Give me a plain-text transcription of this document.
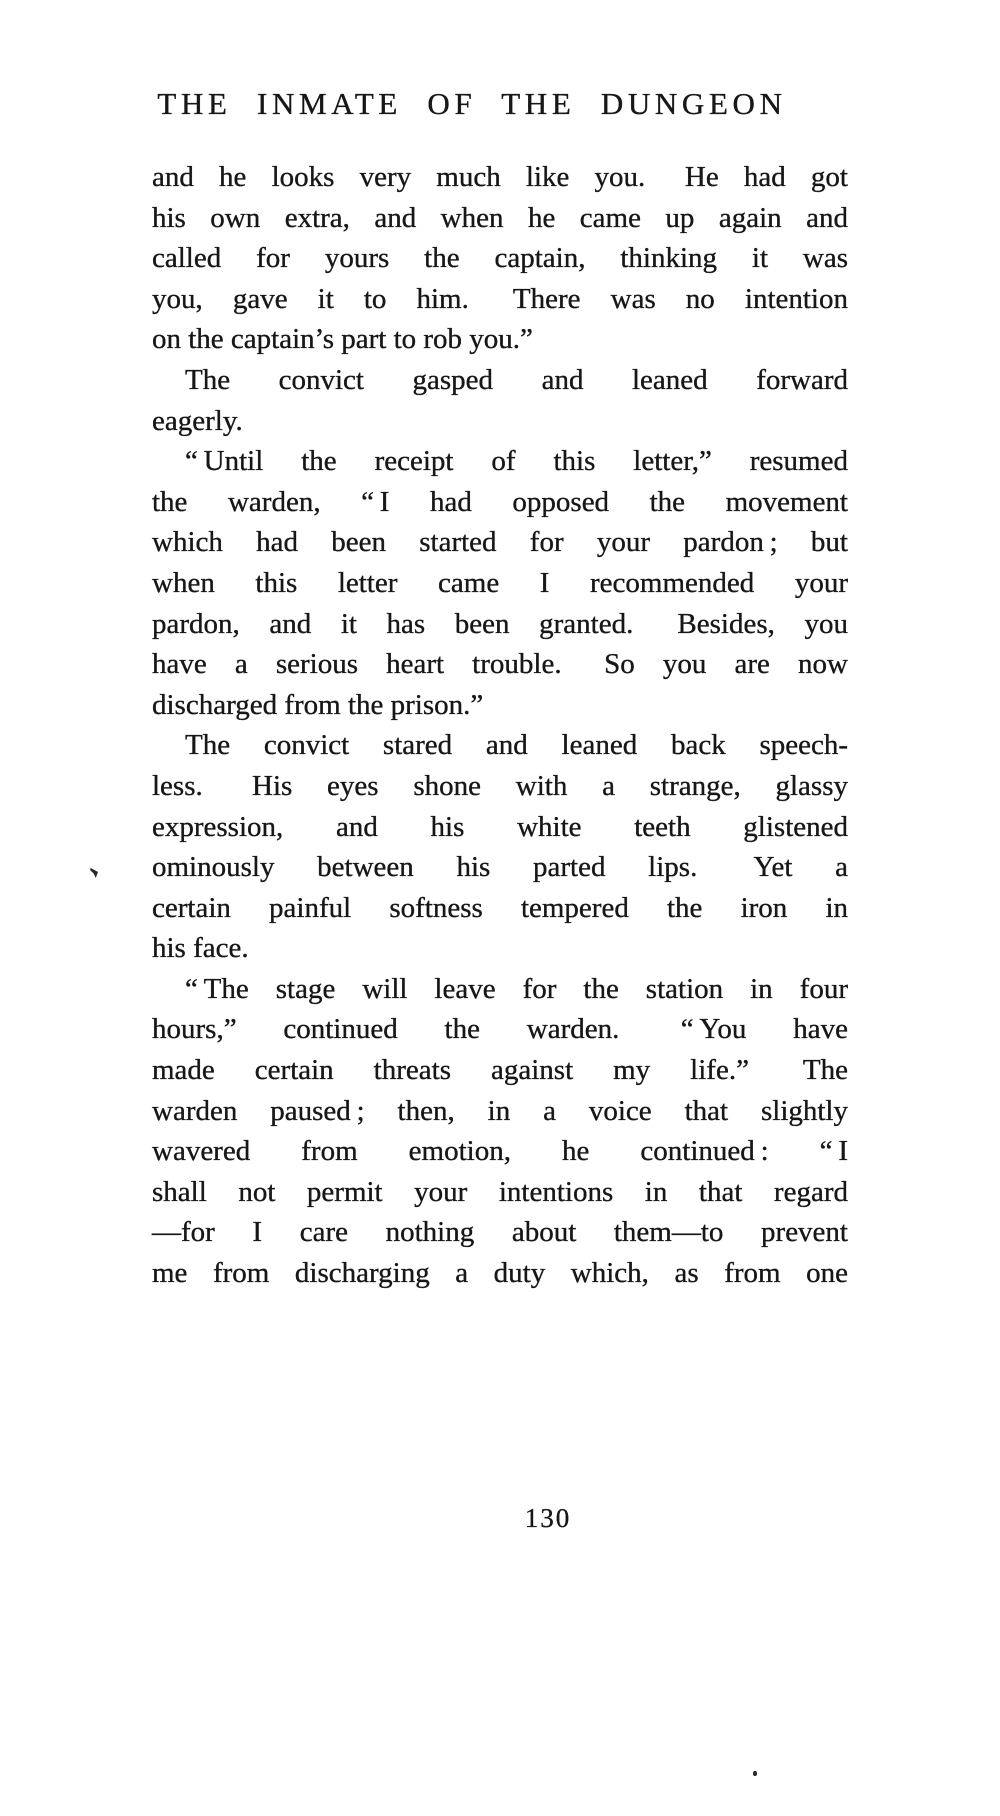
THE INMATE OF THE DUNGEON
and he looks very much like you.  He had got
his own extra, and when he came up again and
called for yours the captain, thinking it was
you, gave it to him.  There was no intention
on the captain’s part to rob you.”
The convict gasped and leaned forward
eagerly.
“ Until the receipt of this letter,” resumed
the warden, “ I had opposed the movement
which had been started for your pardon ; but
when this letter came I recommended your
pardon, and it has been granted.  Besides, you
have a serious heart trouble.  So you are now
discharged from the prison.”
The convict stared and leaned back speech-
less.  His eyes shone with a strange, glassy
expression, and his white teeth glistened
ominously between his parted lips.  Yet a
certain painful softness tempered the iron in
his face.
“ The stage will leave for the station in four
hours,” continued the warden.  “ You have
made certain threats against my life.”  The
warden paused ; then, in a voice that slightly
wavered from emotion, he continued : “ I
shall not permit your intentions in that regard
—for I care nothing about them—to prevent
me from discharging a duty which, as from one
130
